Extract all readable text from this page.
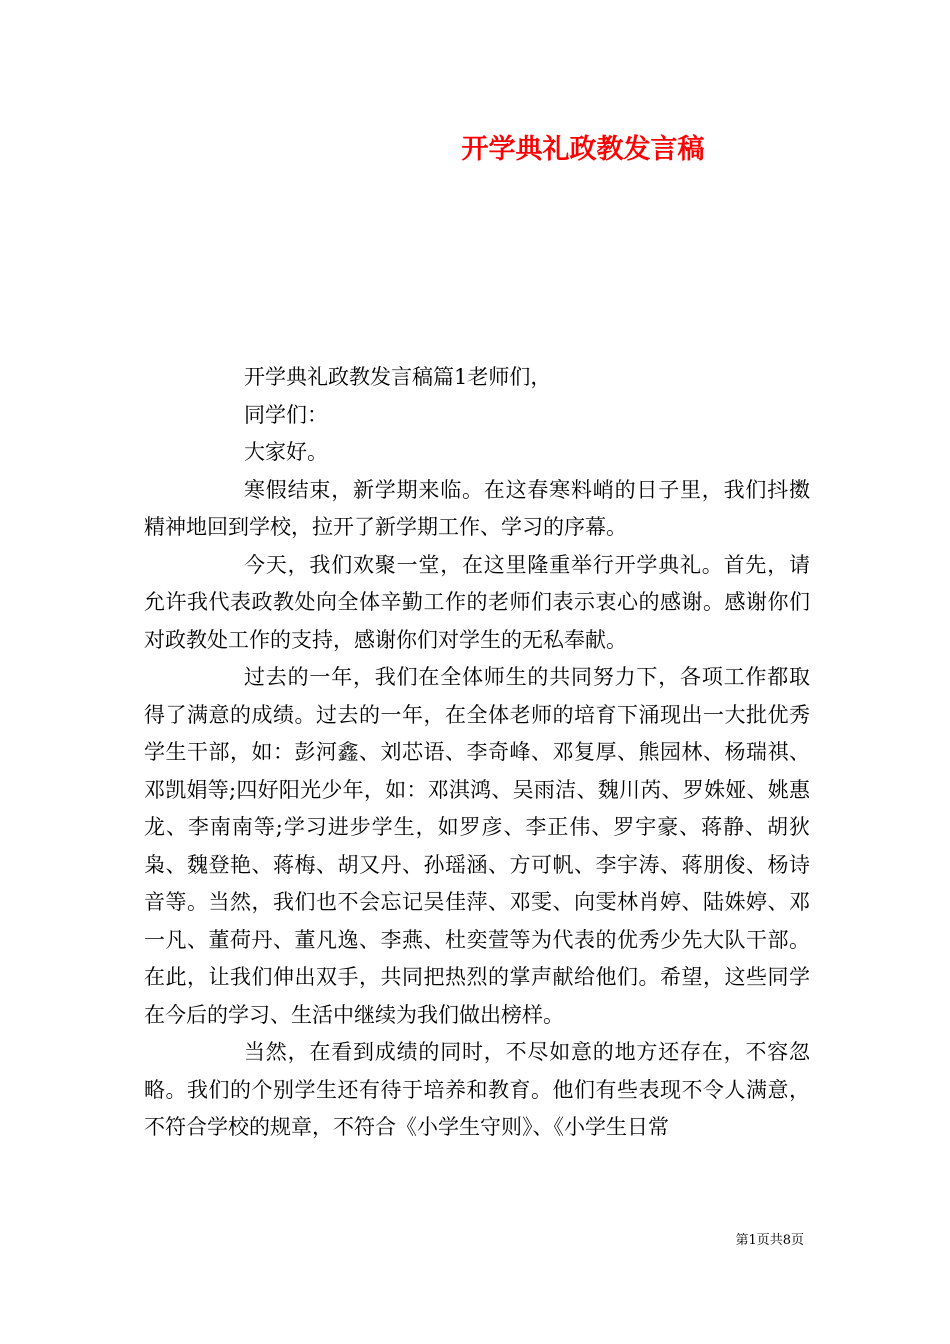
开学典礼政教发言稿

开学典礼政教发言稿篇1老师们，

同学们：

大家好。

寒假结束，新学期来临。在这春寒料峭的日子里，我们抖擞精神地回到学校，拉开了新学期工作、学习的序幕。

今天，我们欢聚一堂，在这里隆重举行开学典礼。首先，请允许我代表政教处向全体辛勤工作的老师们表示衷心的感谢。感谢你们对政教处工作的支持，感谢你们对学生的无私奉献。

过去的一年，我们在全体师生的共同努力下，各项工作都取得了满意的成绩。过去的一年，在全体老师的培育下涌现出一大批优秀学生干部，如：彭河鑫、刘芯语、李奇峰、邓复厚、熊园林、杨瑞祺、邓凯娟等;四好阳光少年，如：邓淇鸿、吴雨洁、魏川芮、罗姝娅、姚惠龙、李南南等;学习进步学生，如罗彦、李正伟、罗宇豪、蒋静、胡狄枭、魏登艳、蒋梅、胡又丹、孙瑶涵、方可帆、李宇涛、蒋朋俊、杨诗音等。当然，我们也不会忘记吴佳萍、邓雯、向雯林肖婷、陆姝婷、邓一凡、董荷丹、董凡逸、李燕、杜奕萱等为代表的优秀少先大队干部。在此，让我们伸出双手，共同把热烈的掌声献给他们。希望，这些同学在今后的学习、生活中继续为我们做出榜样。

当然，在看到成绩的同时，不尽如意的地方还存在，不容忽略。我们的个别学生还有待于培养和教育。他们有些表现不令人满意，不符合学校的规章，不符合《小学生守则》、《小学生日常

第1页共8页
